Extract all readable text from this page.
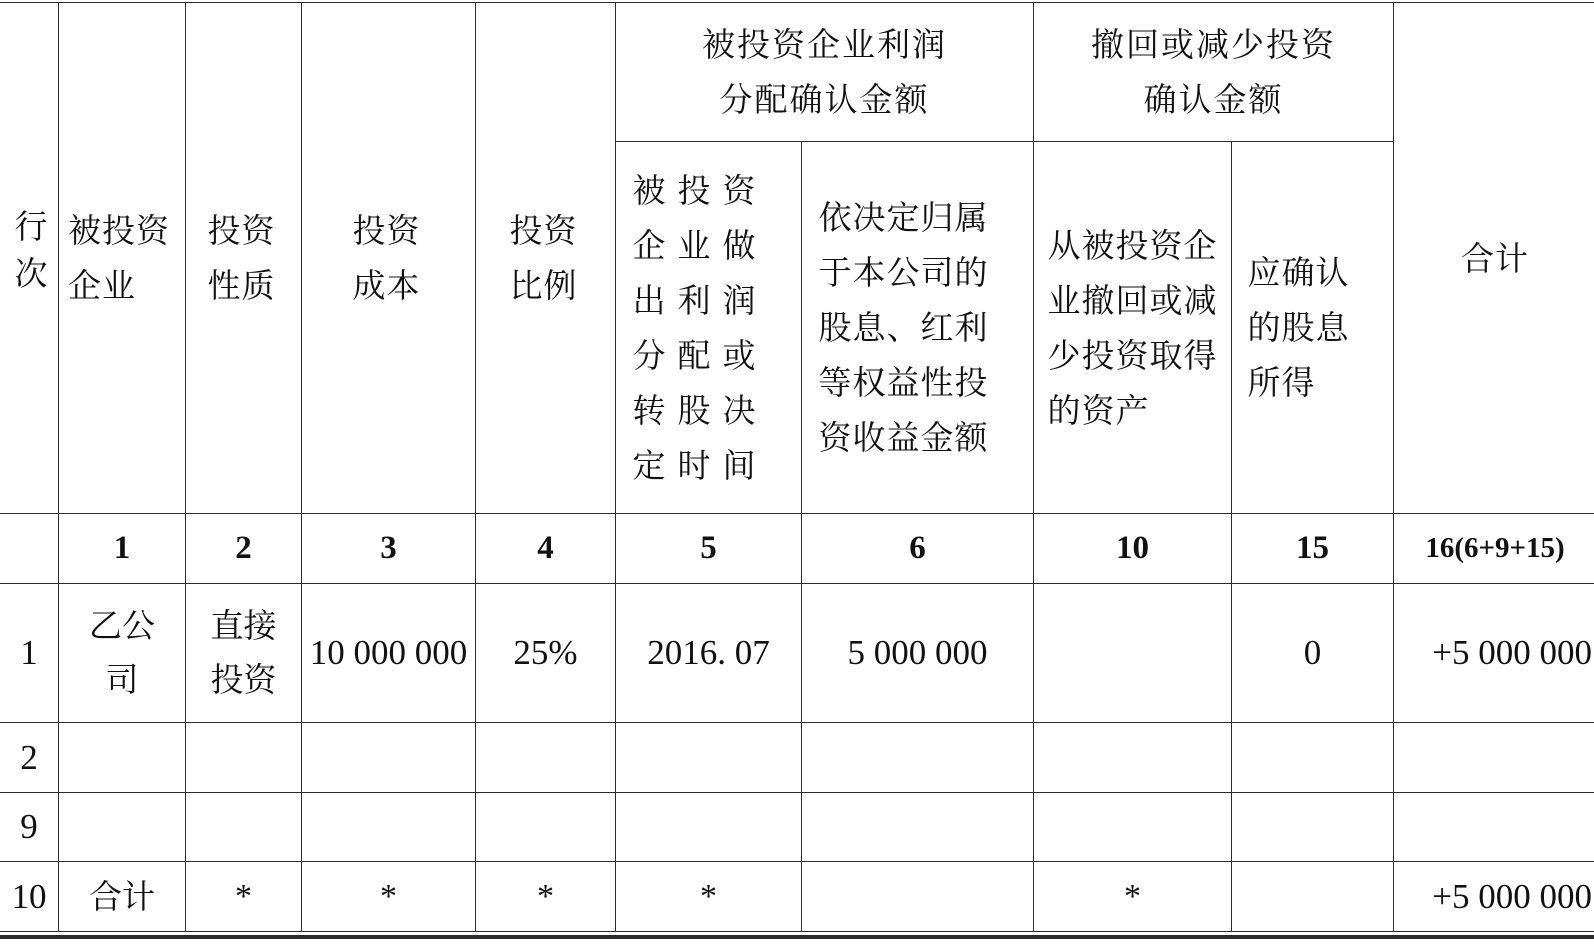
行次	被投资企业	投资性质	投资成本	投资比例	被投资企业利润分配确认金额		撤回或减少投资确认金额		合计
					被投资企业做出利润分配或转股决定时间	依决定归属于本公司的股息、红利等权益性投资收益金额	从被投资企业撤回或减少投资取得的资产	应确认的股息所得	
	1	2	3	4	5	6	10	15	16(6+9+15)
1	乙公司	直接投资	10 000 000	25%	2016. 07	5 000 000		0	+5 000 000
2									
9									
10	合计	*	*	*	*		*		+5 000 000
